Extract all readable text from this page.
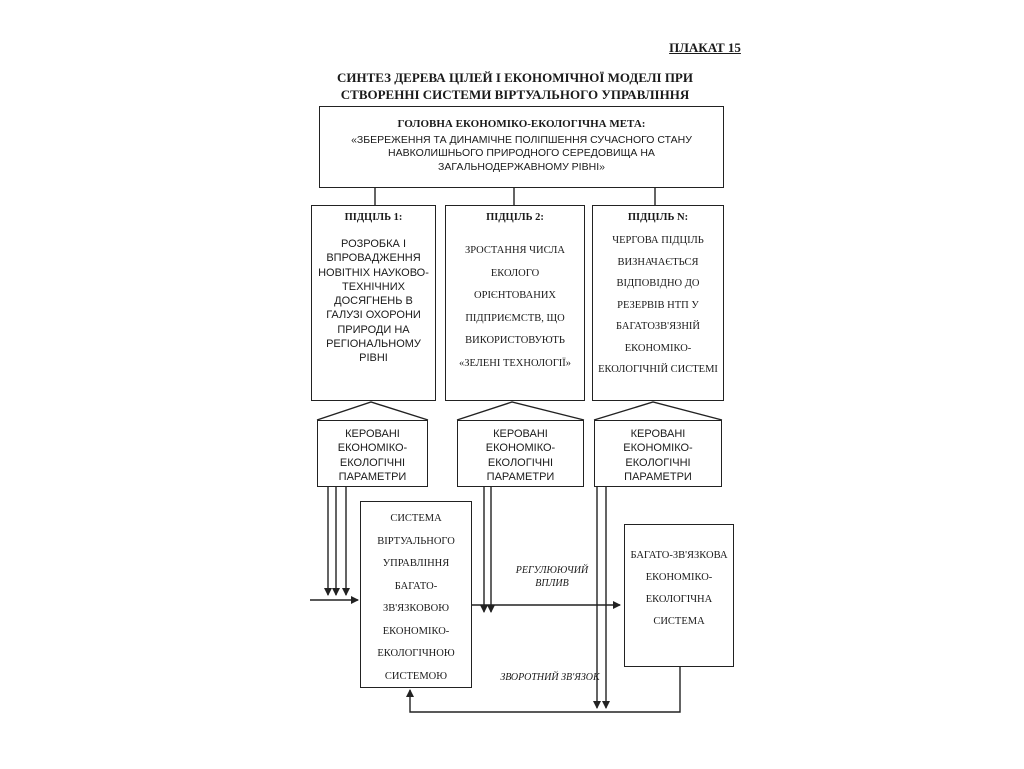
ПЛАКАТ 15
СИНТЕЗ ДЕРЕВА ЦІЛЕЙ І ЕКОНОМІЧНОЇ МОДЕЛІ ПРИ
СТВОРЕННІ СИСТЕМИ ВІРТУАЛЬНОГО УПРАВЛІННЯ
ГОЛОВНА ЕКОНОМІКО-ЕКОЛОГІЧНА МЕТА:
«ЗБЕРЕЖЕННЯ ТА ДИНАМІЧНЕ ПОЛІПШЕННЯ СУЧАСНОГО СТАНУ НАВКОЛИШНЬОГО ПРИРОДНОГО СЕРЕДОВИЩА НА ЗАГАЛЬНОДЕРЖАВНОМУ РІВНІ»
ПІДЦІЛЬ 1:
РОЗРОБКА І ВПРОВАДЖЕННЯ НОВІТНІХ НАУКОВО-ТЕХНІЧНИХ ДОСЯГНЕНЬ В ГАЛУЗІ ОХОРОНИ ПРИРОДИ НА РЕГІОНАЛЬНОМУ РІВНІ
ПІДЦІЛЬ 2:
ЗРОСТАННЯ ЧИСЛА ЕКОЛОГО ОРІЄНТОВАНИХ ПІДПРИЄМСТВ, ЩО ВИКОРИСТОВУЮТЬ «ЗЕЛЕНІ ТЕХНОЛОГІЇ»
ПІДЦІЛЬ N:
ЧЕРГОВА ПІДЦІЛЬ ВИЗНАЧАЄТЬСЯ ВІДПОВІДНО ДО РЕЗЕРВІВ НТП У БАГАТОЗВ'ЯЗНІЙ ЕКОНОМІКО-ЕКОЛОГІЧНІЙ СИСТЕМІ
КЕРОВАНІ ЕКОНОМІКО-ЕКОЛОГІЧНІ ПАРАМЕТРИ
КЕРОВАНІ ЕКОНОМІКО-ЕКОЛОГІЧНІ ПАРАМЕТРИ
КЕРОВАНІ ЕКОНОМІКО-ЕКОЛОГІЧНІ ПАРАМЕТРИ
СИСТЕМА ВІРТУАЛЬНОГО УПРАВЛІННЯ БАГАТО-ЗВ'ЯЗКОВОЮ ЕКОНОМІКО-ЕКОЛОГІЧНОЮ СИСТЕМОЮ
БАГАТО-ЗВ'ЯЗКОВА ЕКОНОМІКО-ЕКОЛОГІЧНА СИСТЕМА
РЕГУЛЮЮЧИЙ ВПЛИВ
ЗВОРОТНИЙ ЗВ'ЯЗОК
